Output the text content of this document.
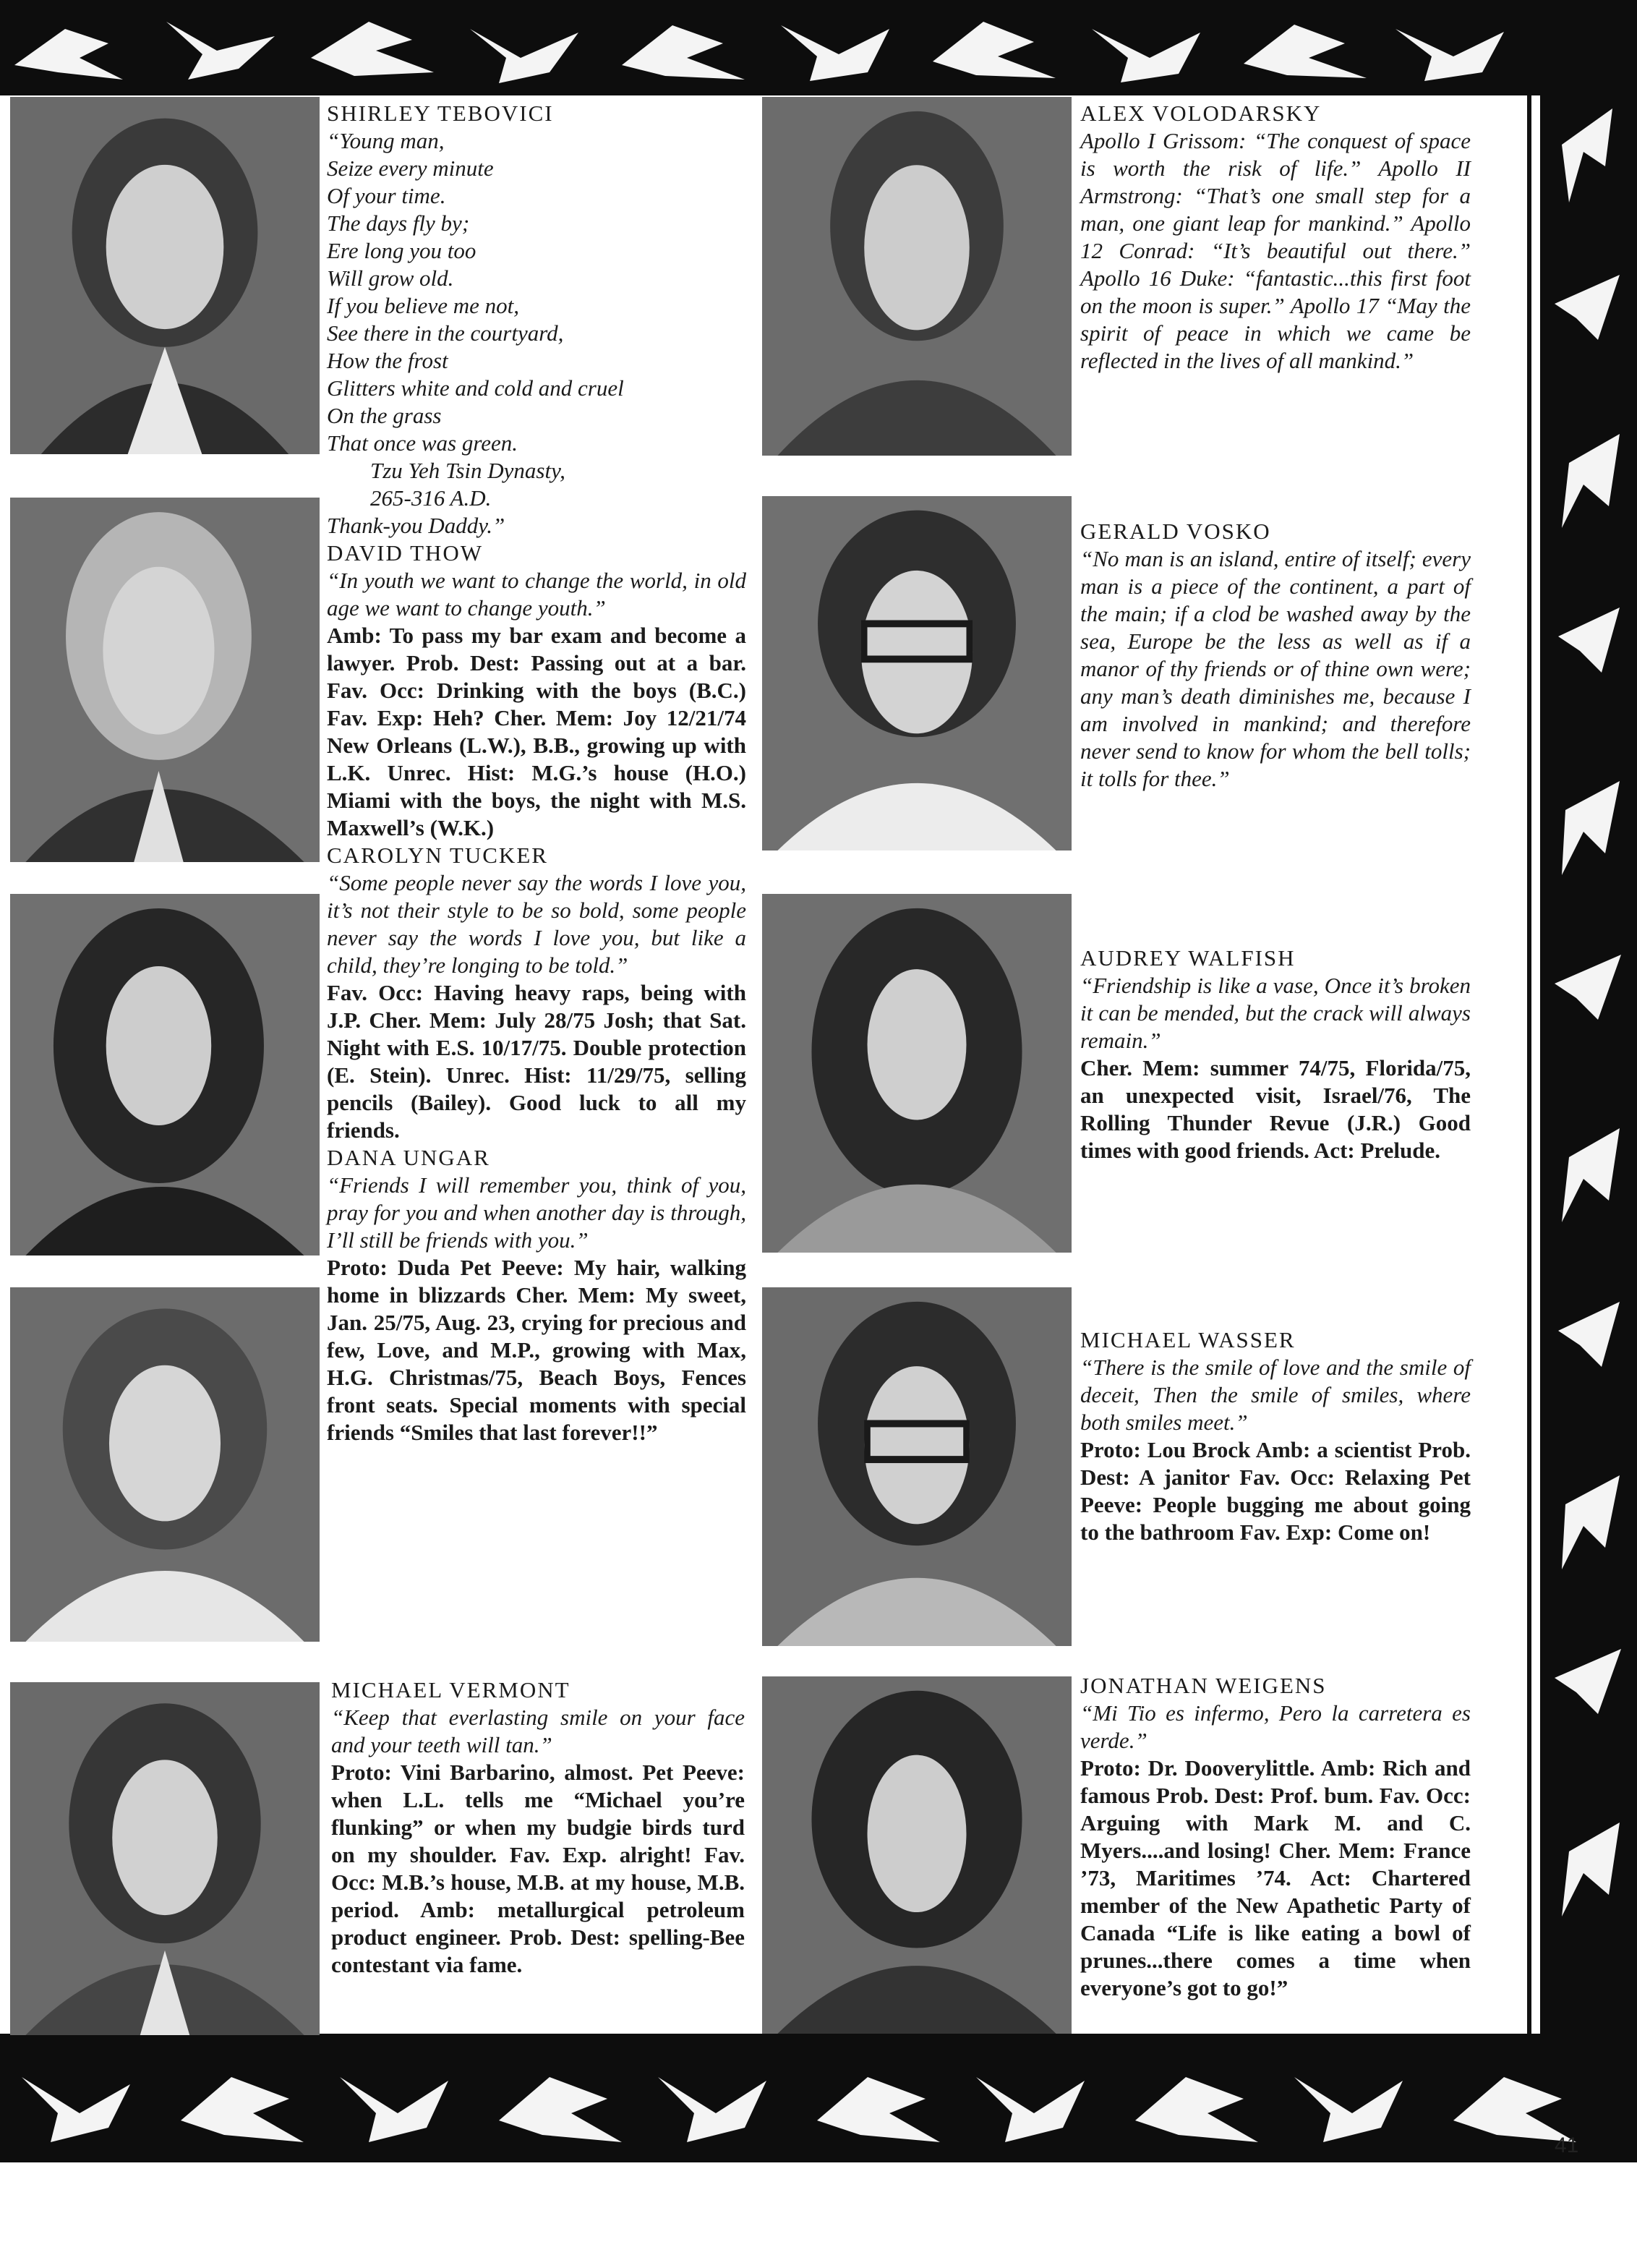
SHIRLEY TEBOVICI

“Young man,

Seize every minute

Of your time.

The days fly by;

Ere long you too

Will grow old.

If you believe me not,

See there in the courtyard,

How the frost

Glitters white and cold and cruel

On the grass

That once was green.

Tzu Yeh Tsin Dynasty,

265-316 A.D.

Thank-you Daddy.”

DAVID THOW

“In youth we want to change the world, in old age we want to change youth.”

Amb: To pass my bar exam and become a lawyer. Prob. Dest: Passing out at a bar. Fav. Occ: Drinking with the boys (B.C.) Fav. Exp: Heh? Cher. Mem: Joy 12/21/74 New Orleans (L.W.), B.B., growing up with L.K. Unrec. Hist: M.G.’s house (H.O.) Miami with the boys, the night with M.S. Maxwell’s (W.K.)

CAROLYN TUCKER

“Some people never say the words I love you, it’s not their style to be so bold, some people never say the words I love you, but like a child, they’re longing to be told.”

Fav. Occ: Having heavy raps, being with J.P. Cher. Mem: July 28/75 Josh; that Sat. Night with E.S. 10/17/75. Double protection (E. Stein). Unrec. Hist: 11/29/75, selling pencils (Bailey). Good luck to all my friends.

DANA UNGAR

“Friends I will remember you, think of you, pray for you and when another day is through, I’ll still be friends with you.”

Proto: Duda Pet Peeve: My hair, walking home in blizzards Cher. Mem: My sweet, Jan. 25/75, Aug. 23, crying for precious and few, Love, and M.P., growing with Max, H.G. Christmas/75, Beach Boys, Fences front seats. Special moments with special friends “Smiles that last forever!!”

MICHAEL VERMONT

“Keep that everlasting smile on your face and your teeth will tan.”

Proto: Vini Barbarino, almost. Pet Peeve: when L.L. tells me “Michael you’re flunking” or when my budgie birds turd on my shoulder. Fav. Exp. alright! Fav. Occ: M.B.’s house, M.B. at my house, M.B. period. Amb: metallurgical petroleum product engineer. Prob. Dest: spelling-Bee contestant via fame.

ALEX VOLODARSKY

Apollo I Grissom: “The conquest of space is worth the risk of life.” Apollo II Armstrong: “That’s one small step for a man, one giant leap for mankind.” Apollo 12 Conrad: “It’s beautiful out there.” Apollo 16 Duke: “fantastic...this first foot on the moon is super.” Apollo 17 “May the spirit of peace in which we came be reflected in the lives of all mankind.”

GERALD VOSKO

“No man is an island, entire of itself; every man is a piece of the continent, a part of the main; if a clod be washed away by the sea, Europe be the less as well as if a manor of thy friends or of thine own were; any man’s death diminishes me, because I am involved in mankind; and therefore never send to know for whom the bell tolls; it tolls for thee.”

AUDREY WALFISH

“Friendship is like a vase, Once it’s broken it can be mended, but the crack will always remain.”

Cher. Mem: summer 74/75, Florida/75, an unexpected visit, Israel/76, The Rolling Thunder Revue (J.R.) Good times with good friends. Act: Prelude.

MICHAEL WASSER

“There is the smile of love and the smile of deceit, Then the smile of smiles, where both smiles meet.”

Proto: Lou Brock Amb: a scientist Prob. Dest: A janitor Fav. Occ: Relaxing Pet Peeve: People bugging me about going to the bathroom Fav. Exp: Come on!

JONATHAN WEIGENS

“Mi Tio es infermo, Pero la carretera es verde.”

Proto: Dr. Dooverylittle. Amb: Rich and famous Prob. Dest: Prof. bum. Fav. Occ: Arguing with Mark M. and C. Myers....and losing! Cher. Mem: France ’73, Maritimes ’74. Act: Chartered member of the New Apathetic Party of Canada “Life is like eating a bowl of prunes...there comes a time when everyone’s got to go!”

41
